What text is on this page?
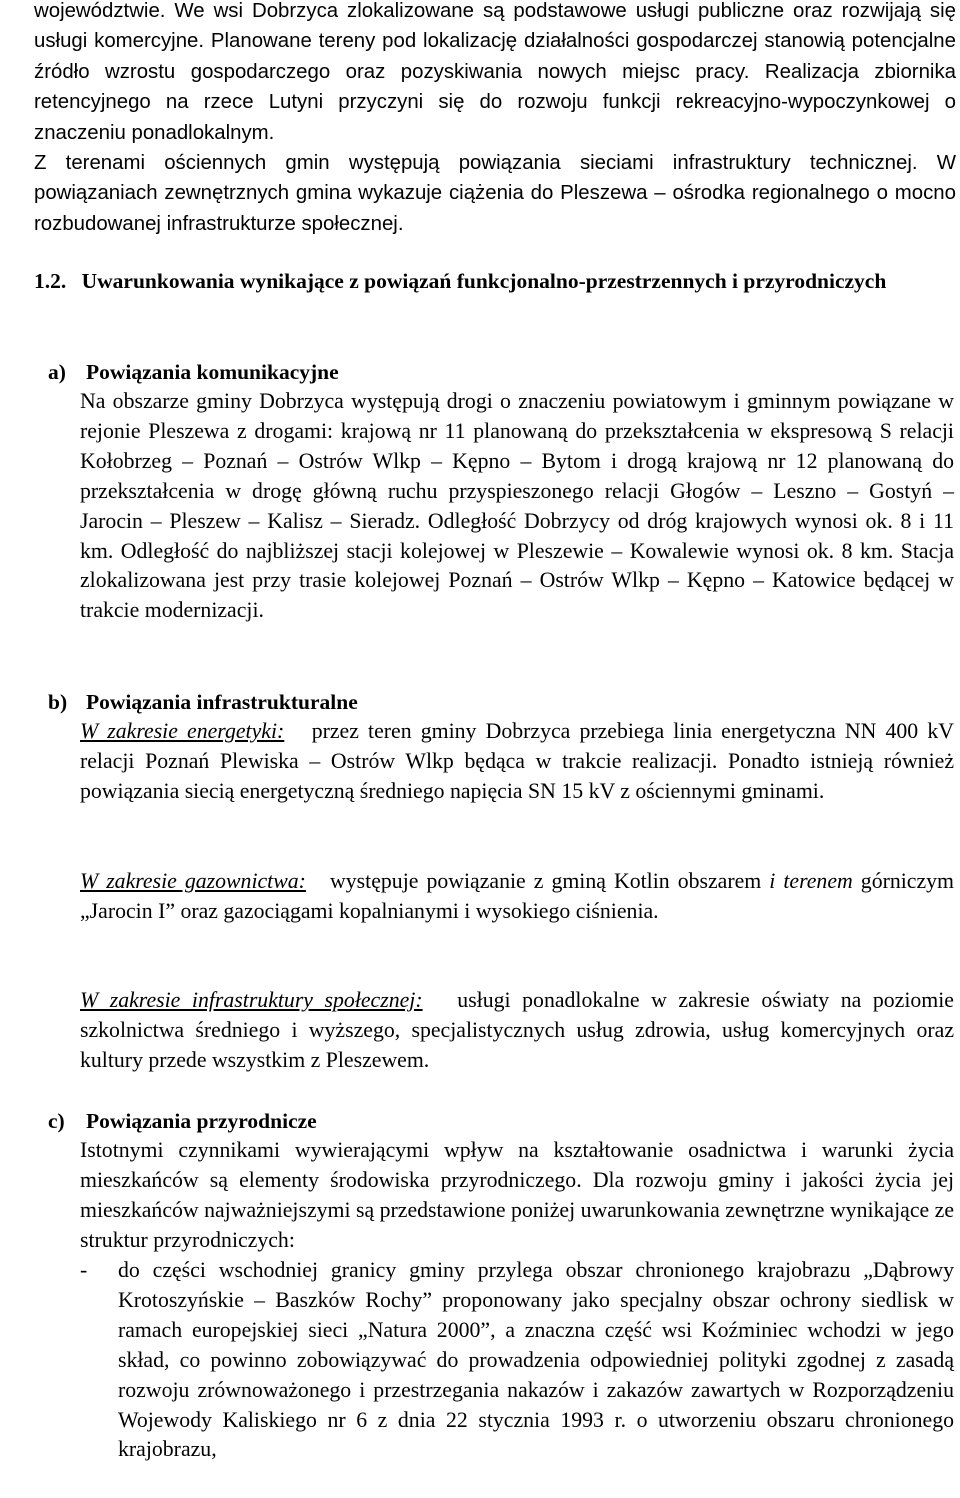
województwie. We wsi Dobrzyca zlokalizowane są podstawowe usługi publiczne oraz rozwijają się usługi komercyjne. Planowane tereny pod lokalizację działalności gospodarczej stanowią potencjalne źródło wzrostu gospodarczego oraz pozyskiwania nowych miejsc pracy. Realizacja zbiornika retencyjnego na rzece Lutyni przyczyni się do rozwoju funkcji rekreacyjno-wypoczynkowej o znaczeniu ponadlokalnym.

Z terenami ościennych gmin występują powiązania sieciami infrastruktury technicznej. W powiązaniach zewnętrznych gmina wykazuje ciążenia do Pleszewa – ośrodka regionalnego o mocno rozbudowanej infrastrukturze społecznej.

1.2. Uwarunkowania wynikające z powiązań funkcjonalno-przestrzennych i przyrodniczych
a) Powiązania komunikacyjne

Na obszarze gminy Dobrzyca występują drogi o znaczeniu powiatowym i gminnym powiązane w rejonie Pleszewa z drogami: krajową nr 11 planowaną do przekształcenia w ekspresową S relacji Kołobrzeg – Poznań – Ostrów Wlkp – Kępno – Bytom i drogą krajową nr 12 planowaną do przekształcenia w drogę główną ruchu przyspieszonego relacji Głogów – Leszno – Gostyń – Jarocin – Pleszew – Kalisz – Sieradz. Odległość Dobrzycy od dróg krajowych wynosi ok. 8 i 11 km. Odległość do najbliższej stacji kolejowej w Pleszewie – Kowalewie wynosi ok. 8 km. Stacja zlokalizowana jest przy trasie kolejowej Poznań – Ostrów Wlkp – Kępno – Katowice będącej w trakcie modernizacji.

b) Powiązania infrastrukturalne

W zakresie energetyki: przez teren gminy Dobrzyca przebiega linia energetyczna NN 400 kV relacji Poznań Plewiska – Ostrów Wlkp będąca w trakcie realizacji. Ponadto istnieją również powiązania siecią energetyczną średniego napięcia SN 15 kV z ościennymi gminami.

W zakresie gazownictwa: występuje powiązanie z gminą Kotlin obszarem i terenem górniczym „Jarocin I” oraz gazociągami kopalnianymi i wysokiego ciśnienia.

W zakresie infrastruktury społecznej: usługi ponadlokalne w zakresie oświaty na poziomie szkolnictwa średniego i wyższego, specjalistycznych usług zdrowia, usług komercyjnych oraz kultury przede wszystkim z Pleszewem.

c) Powiązania przyrodnicze

Istotnymi czynnikami wywierającymi wpływ na kształtowanie osadnictwa i warunki życia mieszkańców są elementy środowiska przyrodniczego. Dla rozwoju gminy i jakości życia jej mieszkańców najważniejszymi są przedstawione poniżej uwarunkowania zewnętrzne wynikające ze struktur przyrodniczych:

- do części wschodniej granicy gminy przylega obszar chronionego krajobrazu „Dąbrowy Krotoszyńskie – Baszków Rochy” proponowany jako specjalny obszar ochrony siedlisk w ramach europejskiej sieci „Natura 2000”, a znaczna część wsi Koźminiec wchodzi w jego skład, co powinno zobowiązywać do prowadzenia odpowiedniej polityki zgodnej z zasadą rozwoju zrównoważonego i przestrzegania nakazów i zakazów zawartych w Rozporządzeniu Wojewody Kaliskiego nr 6 z dnia 22 stycznia 1993 r. o utworzeniu obszaru chronionego krajobrazu,
